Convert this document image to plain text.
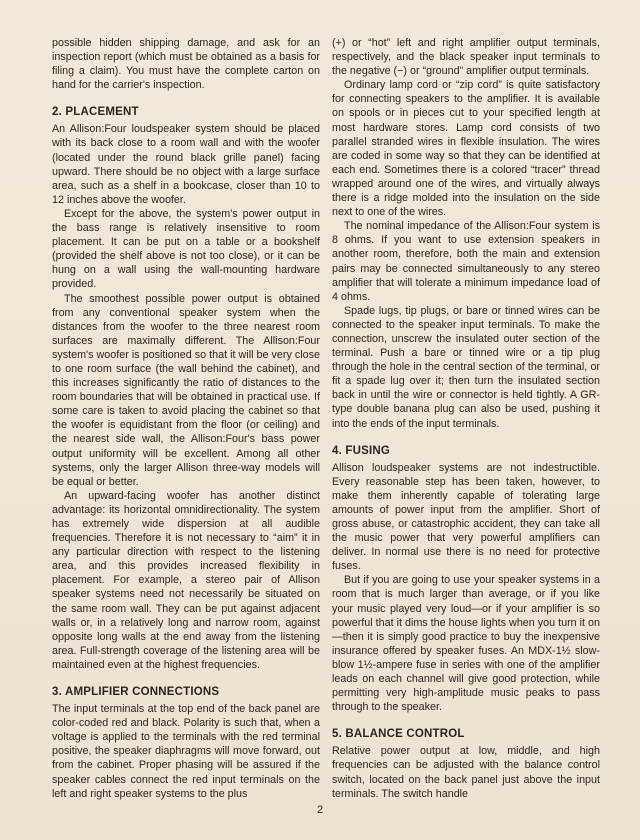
possible hidden shipping damage, and ask for an inspection report (which must be obtained as a basis for filing a claim). You must have the complete carton on hand for the carrier's inspection.

2. PLACEMENT

An Allison:Four loudspeaker system should be placed with its back close to a room wall and with the woofer (located under the round black grille panel) facing upward. There should be no object with a large surface area, such as a shelf in a bookcase, closer than 10 to 12 inches above the woofer.

Except for the above, the system's power output in the bass range is relatively insensitive to room placement. It can be put on a table or a bookshelf (provided the shelf above is not too close), or it can be hung on a wall using the wall-mounting hardware provided.

The smoothest possible power output is obtained from any conventional speaker system when the distances from the woofer to the three nearest room surfaces are maximally different. The Allison:Four system's woofer is positioned so that it will be very close to one room surface (the wall behind the cabinet), and this increases significantly the ratio of distances to the room boundaries that will be obtained in practical use. If some care is taken to avoid placing the cabinet so that the woofer is equidistant from the floor (or ceiling) and the nearest side wall, the Allison:Four's bass power output uniformity will be excellent. Among all other systems, only the larger Allison three-way models will be equal or better.

An upward-facing woofer has another distinct advantage: its horizontal omnidirectionality. The system has extremely wide dispersion at all audible frequencies. Therefore it is not necessary to “aim” it in any particular direction with respect to the listening area, and this provides increased flexibility in placement. For example, a stereo pair of Allison speaker systems need not necessarily be situated on the same room wall. They can be put against adjacent walls or, in a relatively long and narrow room, against opposite long walls at the end away from the listening area. Full-strength coverage of the listening area will be maintained even at the highest frequencies.

3. AMPLIFIER CONNECTIONS

The input terminals at the top end of the back panel are color-coded red and black. Polarity is such that, when a voltage is applied to the terminals with the red terminal positive, the speaker diaphragms will move forward, out from the cabinet. Proper phasing will be assured if the speaker cables connect the red input terminals on the left and right speaker systems to the plus

(+) or “hot” left and right amplifier output terminals, respectively, and the black speaker input terminals to the negative (−) or “ground” amplifier output terminals.

Ordinary lamp cord or “zip cord” is quite satisfactory for connecting speakers to the amplifier. It is available on spools or in pieces cut to your specified length at most hardware stores. Lamp cord consists of two parallel stranded wires in flexible insulation. The wires are coded in some way so that they can be identified at each end. Sometimes there is a colored “tracer” thread wrapped around one of the wires, and virtually always there is a ridge molded into the insulation on the side next to one of the wires.

The nominal impedance of the Allison:Four system is 8 ohms. If you want to use extension speakers in another room, therefore, both the main and extension pairs may be connected simultaneously to any stereo amplifier that will tolerate a minimum impedance load of 4 ohms.

Spade lugs, tip plugs, or bare or tinned wires can be connected to the speaker input terminals. To make the connection, unscrew the insulated outer section of the terminal. Push a bare or tinned wire or a tip plug through the hole in the central section of the terminal, or fit a spade lug over it; then turn the insulated section back in until the wire or connector is held tightly. A GR-type double banana plug can also be used, pushing it into the ends of the input terminals.

4. FUSING

Allison loudspeaker systems are not indestructible. Every reasonable step has been taken, however, to make them inherently capable of tolerating large amounts of power input from the amplifier. Short of gross abuse, or catastrophic accident, they can take all the music power that very powerful amplifiers can deliver. In normal use there is no need for protective fuses.

But if you are going to use your speaker systems in a room that is much larger than average, or if you like your music played very loud—or if your amplifier is so powerful that it dims the house lights when you turn it on—then it is simply good practice to buy the inexpensive insurance offered by speaker fuses. An MDX-1½ slow-blow 1½-ampere fuse in series with one of the amplifier leads on each channel will give good protection, while permitting very high-amplitude music peaks to pass through to the speaker.

5. BALANCE CONTROL

Relative power output at low, middle, and high frequencies can be adjusted with the balance control switch, located on the back panel just above the input terminals. The switch handle

2
